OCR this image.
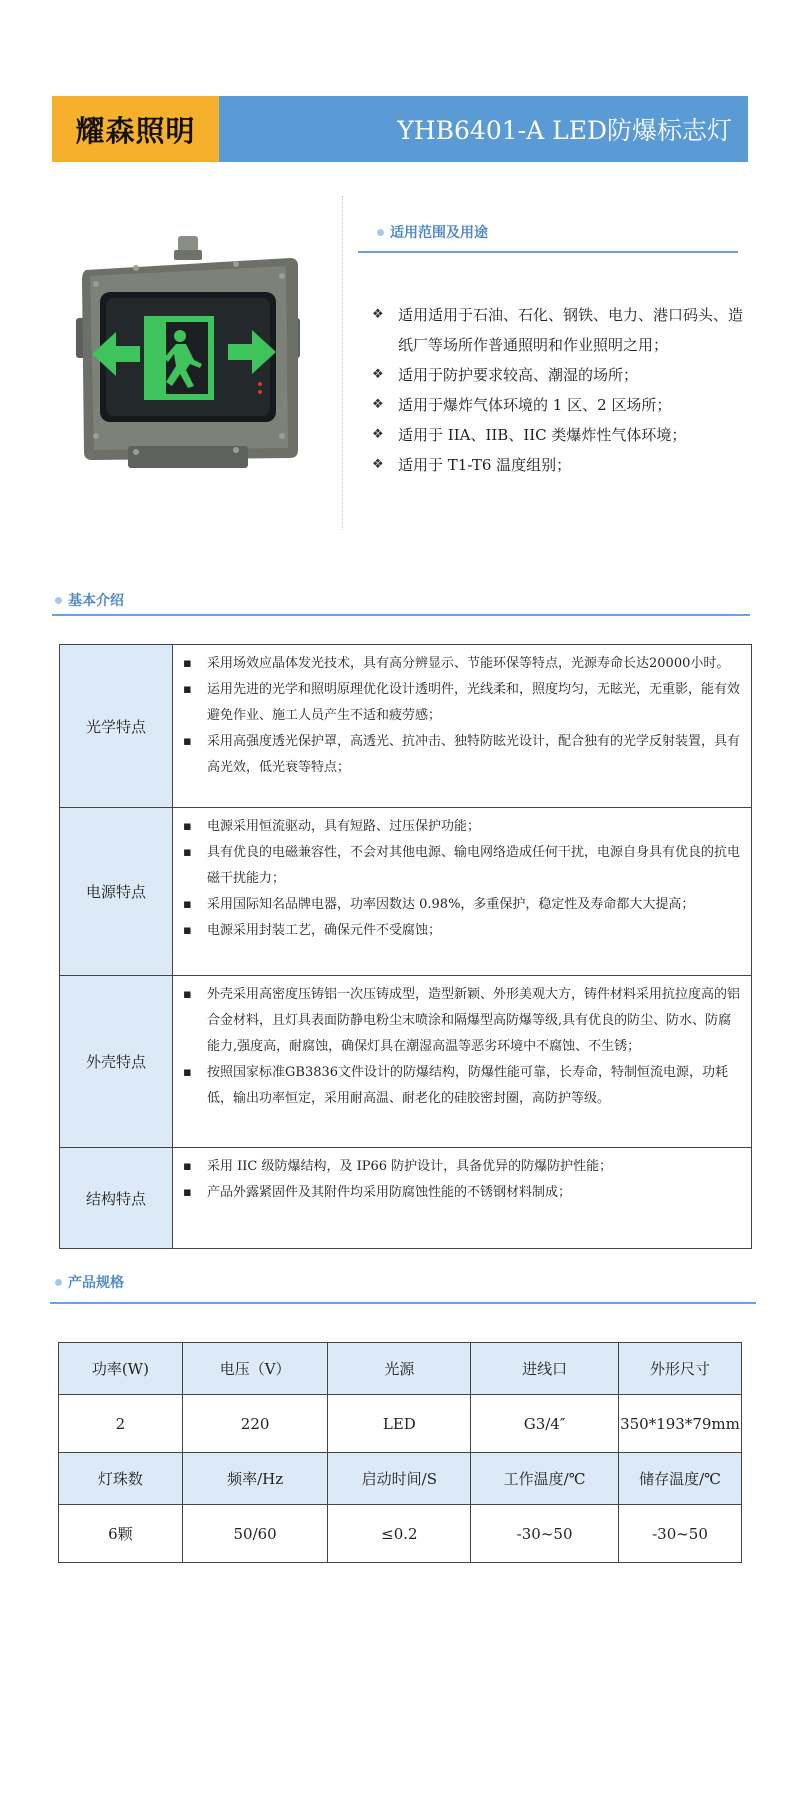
耀森照明	YHB6401-A LED防爆标志灯
适用范围及用途
❖ 适用适用于石油、石化、钢铁、电力、港口码头、造纸厂等场所作普通照明和作业照明之用；
❖ 适用于防护要求较高、潮湿的场所；
❖ 适用于爆炸气体环境的 1 区、2 区场所；
❖ 适用于 IIA、IIB、IIC 类爆炸性气体环境；
❖ 适用于 T1-T6 温度组别；
基本介绍
光学特点
▪	采用场效应晶体发光技术，具有高分辨显示、节能环保等特点，光源寿命长达20000小时。
▪	运用先进的光学和照明原理优化设计透明件，光线柔和，照度均匀，无眩光，无重影，能有效避免作业、施工人员产生不适和疲劳感；
▪	采用高强度透光保护罩，高透光、抗冲击、独特防眩光设计，配合独有的光学反射装置，具有高光效，低光衰等特点；
电源特点
▪	电源采用恒流驱动，具有短路、过压保护功能；
▪	具有优良的电磁兼容性，不会对其他电源、输电网络造成任何干扰，电源自身具有优良的抗电磁干扰能力；
▪	采用国际知名品牌电器，功率因数达 0.98%，多重保护，稳定性及寿命都大大提高；
▪	电源采用封装工艺，确保元件不受腐蚀；
外壳特点
▪	外壳采用高密度压铸铝一次压铸成型，造型新颖、外形美观大方，铸件材料采用抗拉度高的铝合金材料，且灯具表面防静电粉尘末喷涂和隔爆型高防爆等级,具有优良的防尘、防水、防腐能力,强度高，耐腐蚀，确保灯具在潮湿高温等恶劣环境中不腐蚀、不生锈；
▪	按照国家标准GB3836文件设计的防爆结构，防爆性能可靠，长寿命，特制恒流电源，功耗低，输出功率恒定，采用耐高温、耐老化的硅胶密封圈，高防护等级。
结构特点
▪	采用 IIC 级防爆结构，及 IP66 防护设计，具备优异的防爆防护性能；
▪	产品外露紧固件及其附件均采用防腐蚀性能的不锈钢材料制成；
产品规格
功率(W)	电压（V）	光源	进线口	外形尺寸
2	220	LED	G3/4″	350*193*79mm
灯珠数	频率/Hz	启动时间/S	工作温度/℃	储存温度/℃
6颗	50/60	≤0.2	-30~50	-30~50
